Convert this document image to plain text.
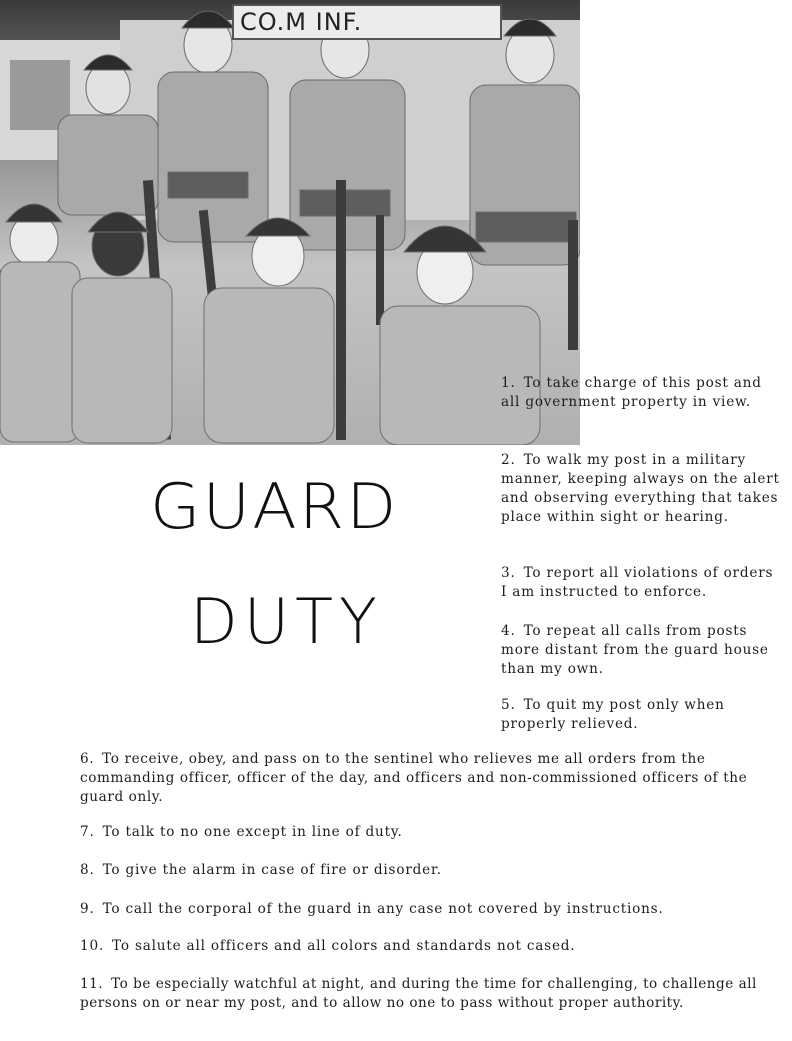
CO.M INF.
GUARD
DUTY

1. To take charge of this post and all government property in view.

2. To walk my post in a military manner, keeping always on the alert and observing everything that takes place within sight or hearing.

3. To report all violations of orders I am instructed to enforce.

4. To repeat all calls from posts more distant from the guard house than my own.

5. To quit my post only when properly relieved.

6. To receive, obey, and pass on to the sentinel who relieves me all orders from the commanding officer, officer of the day, and officers and non-commissioned officers of the guard only.

7. To talk to no one except in line of duty.

8. To give the alarm in case of fire or disorder.

9. To call the corporal of the guard in any case not covered by instructions.

10. To salute all officers and all colors and standards not cased.

11. To be especially watchful at night, and during the time for challenging, to challenge all persons on or near my post, and to allow no one to pass without proper authority.
